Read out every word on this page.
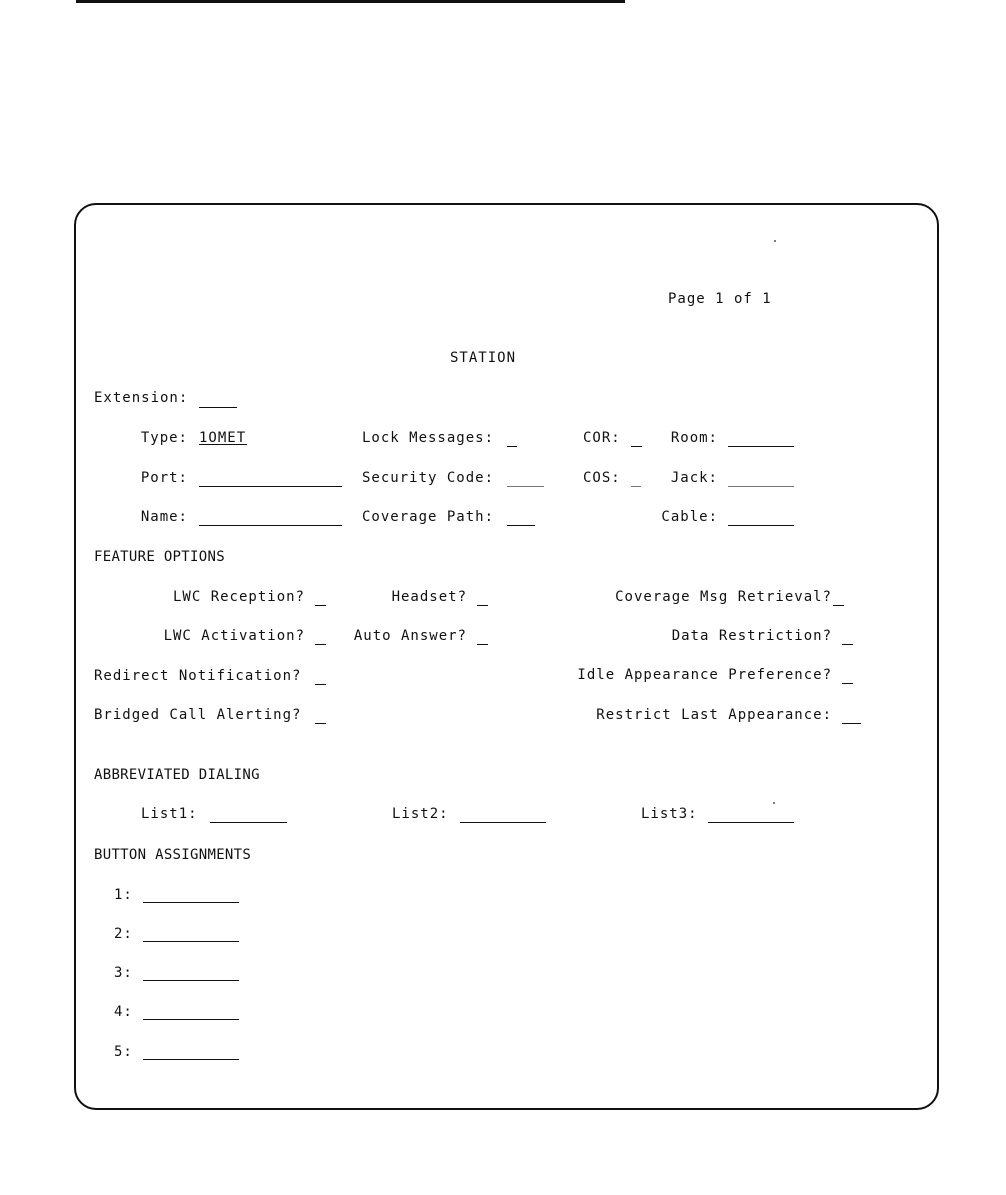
Page 1 of 1
STATION
Extension:
Type: 1OMET	Lock Messages:	COR:	Room:
Port:	Security Code:	COS:	Jack:
Name:	Coverage Path:	Cable:
FEATURE OPTIONS
LWC Reception?	Headset?	Coverage Msg Retrieval?
LWC Activation?	Auto Answer?	Data Restriction?
Redirect Notification?	Idle Appearance Preference?
Bridged Call Alerting?	Restrict Last Appearance:
ABBREVIATED DIALING
List1:	List2:	List3:
BUTTON ASSIGNMENTS
1:
2:
3:
4:
5:
